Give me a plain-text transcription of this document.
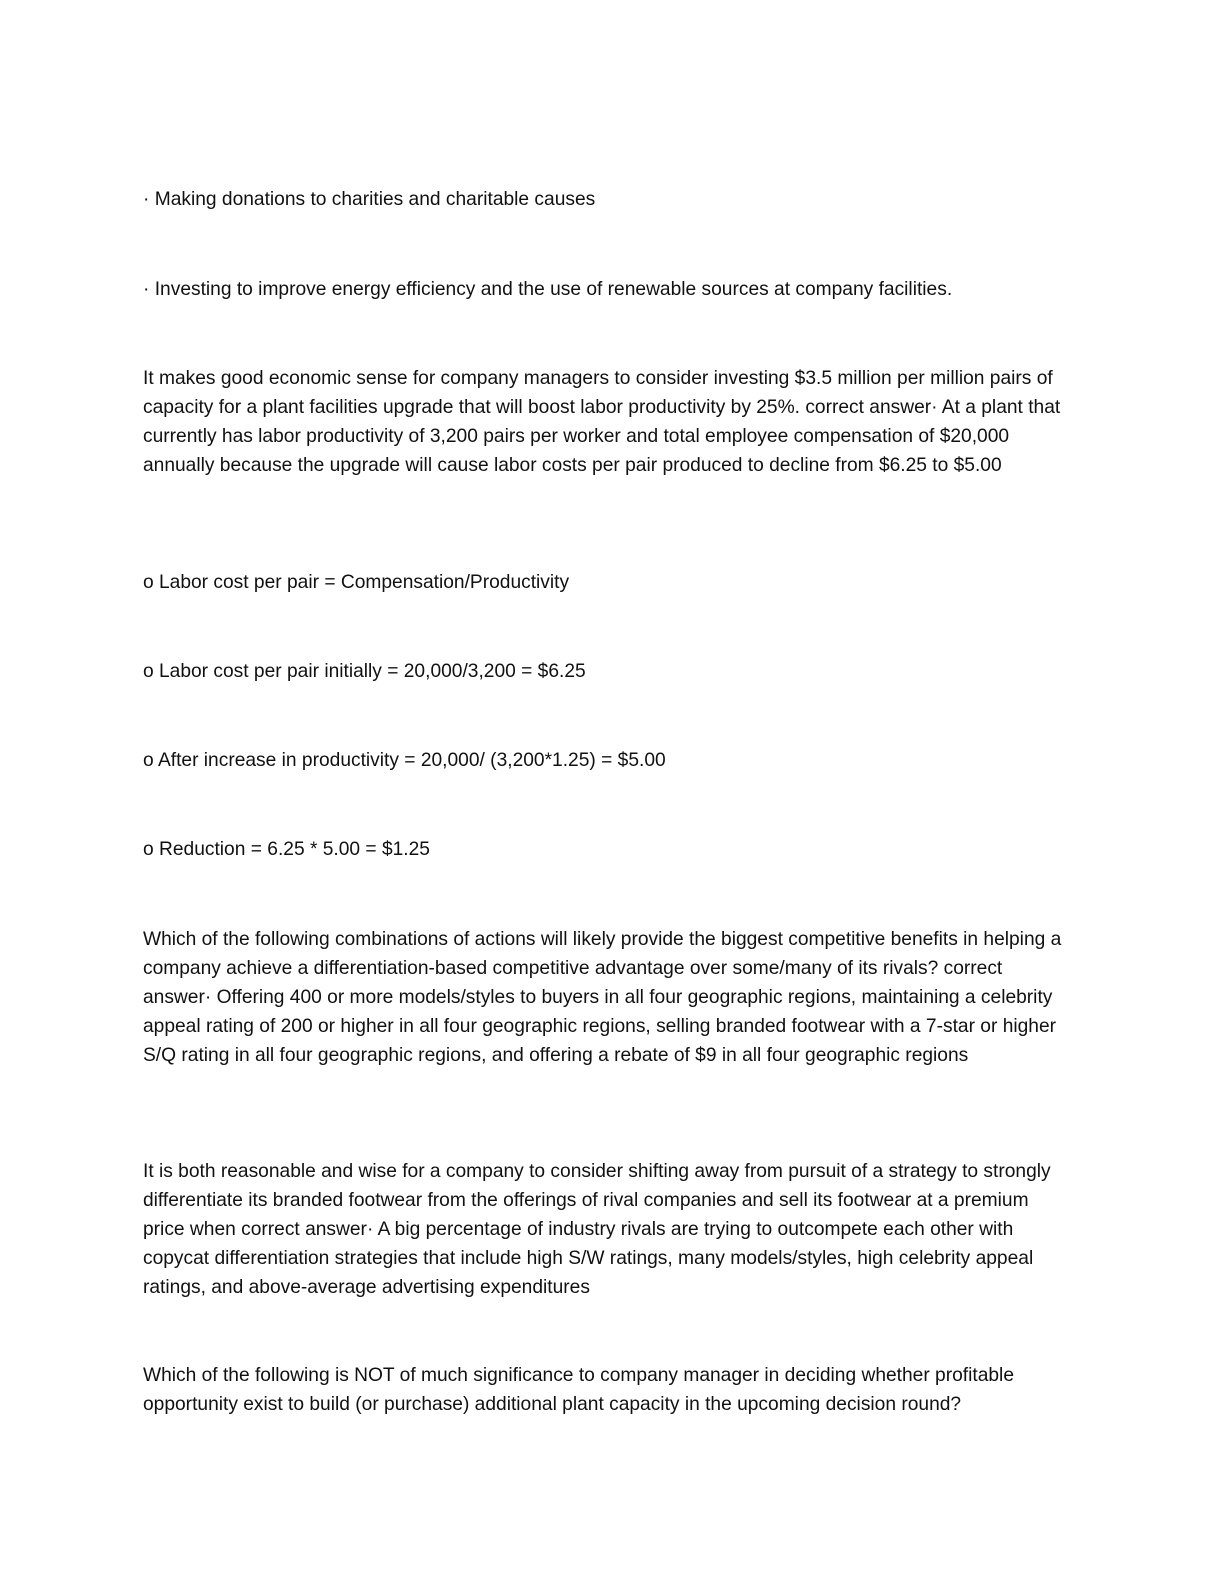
· Making donations to charities and charitable causes

· Investing to improve energy efficiency and the use of renewable sources at company facilities.

It makes good economic sense for company managers to consider investing $3.5 million per million pairs of capacity for a plant facilities upgrade that will boost labor productivity by 25%. correct answer· At a plant that currently has labor productivity of 3,200 pairs per worker and total employee compensation of $20,000 annually because the upgrade will cause labor costs per pair produced to decline from $6.25 to $5.00

o Labor cost per pair = Compensation/Productivity

o Labor cost per pair initially = 20,000/3,200 = $6.25

o After increase in productivity = 20,000/ (3,200*1.25) = $5.00

o Reduction = 6.25 * 5.00 = $1.25

Which of the following combinations of actions will likely provide the biggest competitive benefits in helping a company achieve a differentiation-based competitive advantage over some/many of its rivals? correct answer· Offering 400 or more models/styles to buyers in all four geographic regions, maintaining a celebrity appeal rating of 200 or higher in all four geographic regions, selling branded footwear with a 7-star or higher S/Q rating in all four geographic regions, and offering a rebate of $9 in all four geographic regions

It is both reasonable and wise for a company to consider shifting away from pursuit of a strategy to strongly differentiate its branded footwear from the offerings of rival companies and sell its footwear at a premium price when correct answer· A big percentage of industry rivals are trying to outcompete each other with copycat differentiation strategies that include high S/W ratings, many models/styles, high celebrity appeal ratings, and above-average advertising expenditures

Which of the following is NOT of much significance to company manager in deciding whether profitable opportunity exist to build (or purchase) additional plant capacity in the upcoming decision round?
